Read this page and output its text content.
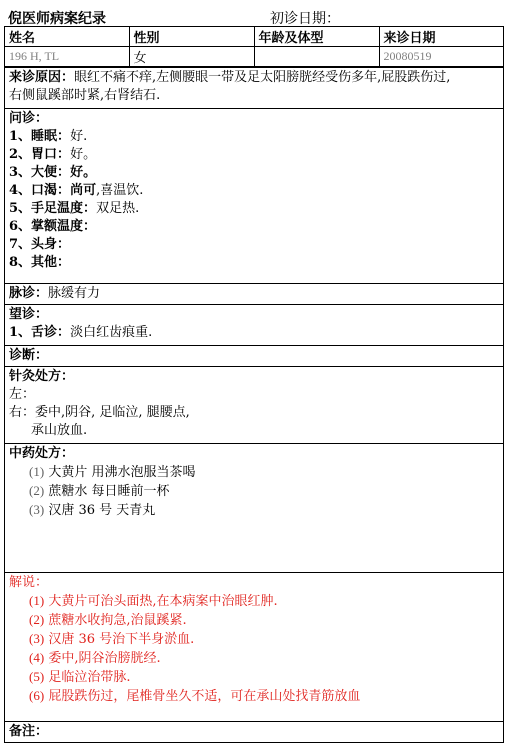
倪医师病案纪录	初诊日期：
姓名	性别	年龄及体型	来诊日期
196 H, TL	女		20080519
来诊原因：眼红不痛不痒,左侧腰眼一带及足太阳膀胱经受伤多年,屁股跌伤过,
右侧鼠蹊部时紧,右肾结石.
问诊：
1、睡眠：好.
2、胃口：好。
3、大便：好。
4、口渴：尚可,喜温饮.
5、手足温度：双足热.
6、掌额温度：
7、头身：
8、其他：
脉诊：脉缓有力
望诊：
1、舌诊：淡白红齿痕重.
诊断：
针灸处方：
左：
右：委中,阴谷, 足临泣, 腿腰点,
承山放血.
中药处方：
(1) 大黄片 用沸水泡服当茶喝
(2) 蔗糖水 每日睡前一杯
(3) 汉唐 36 号 天青丸
解说：
(1) 大黄片可治头面热,在本病案中治眼红肿.
(2) 蔗糖水收拘急,治鼠蹊紧.
(3) 汉唐 36 号治下半身淤血.
(4) 委中,阴谷治膀胱经.
(5) 足临泣治带脉.
(6) 屁股跌伤过，尾椎骨坐久不适，可在承山处找青筋放血
备注：
